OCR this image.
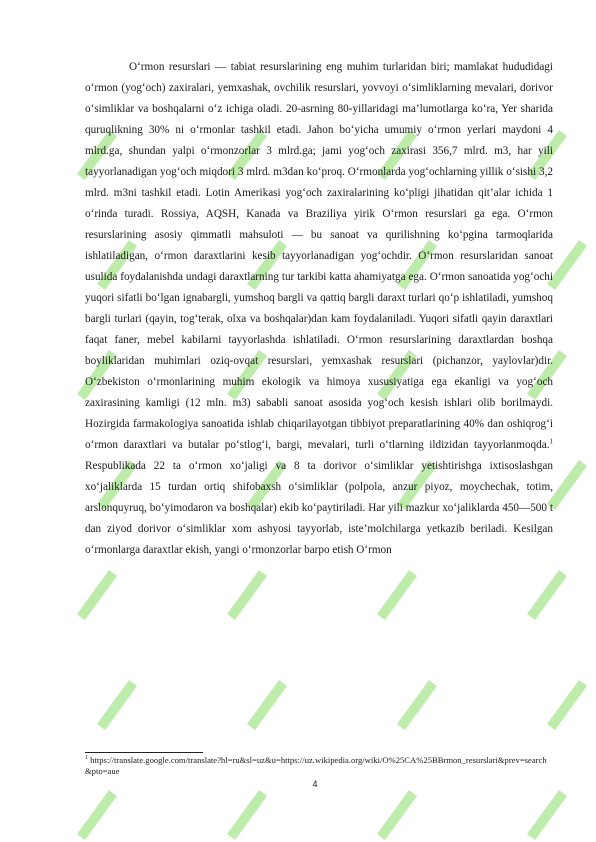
O‘rmon resurslari — tabiat resurslarining eng muhim turlaridan biri; mamlakat hududidagi o‘rmon (yog‘och) zaxiralari, yemxashak, ovchilik resurslari, yovvoyi o‘simliklarning mevalari, dorivor o‘simliklar va boshqalarni o‘z ichiga oladi. 20-asrning 80-yillaridagi ma’lumotlarga ko‘ra, Yer sharida quruqlikning 30% ni o‘rmonlar tashkil etadi. Jahon bo‘yicha umumiy o‘rmon yerlari maydoni 4 mlrd.ga, shundan yalpi o‘rmonzorlar 3 mlrd.ga; jami yog‘och zaxirasi 356,7 mlrd. m3, har yili tayyorlanadigan yog‘och miqdori 3 mlrd. m3dan ko‘proq. O‘rmonlarda yog‘ochlarning yillik o‘sishi 3,2 mlrd. m3ni tashkil etadi. Lotin Amerikasi yog‘och zaxiralarining ko‘pligi jihatidan qit’alar ichida 1 o‘rinda turadi. Rossiya, AQSH, Kanada va Braziliya yirik O‘rmon resurslari ga ega. O‘rmon resurslarining asosiy qimmatli mahsuloti — bu sanoat va qurilishning ko‘pgina tarmoqlarida ishlatiladigan, o‘rmon daraxtlarini kesib tayyorlanadigan yog‘ochdir. O‘rmon resurslaridan sanoat usulida foydalanishda undagi daraxtlarning tur tarkibi katta ahamiyatga ega. O‘rmon sanoatida yog‘ochi yuqori sifatli bo‘lgan ignabargli, yumshoq bargli va qattiq bargli daraxt turlari qo‘p ishlatiladi, yumshoq bargli turlari (qayin, tog‘terak, olxa va boshqalar)dan kam foydalaniladi. Yuqori sifatli qayin daraxtlari faqat faner, mebel kabilarni tayyorlashda ishlatiladi. O‘rmon resurslarining daraxtlardan boshqa boyliklaridan muhimlari oziq-ovqat resurslari, yemxashak resurslari (pichanzor, yaylovlar)dir. O‘zbekiston o‘rmonlarining muhim ekologik va himoya xususiyatiga ega ekanligi va yog‘och zaxirasining kamligi (12 mln. m3) sababli sanoat asosida yog‘och kesish ishlari olib borilmaydi. Hozirgida farmakologiya sanoatida ishlab chiqarilayotgan tibbiyot preparatlarining 40% dan oshiqrog‘i o‘rmon daraxtlari va butalar po‘stlog‘i, bargi, mevalari, turli o‘tlarning ildizidan tayyorlanmoqda.$^1$ Respublikada 22 ta o‘rmon xo‘jaligi va 8 ta dorivor o‘simliklar yetishtirishga ixtisoslashgan xo‘jaliklarda 15 turdan ortiq shifobaxsh o‘simliklar (polpola, anzur piyoz, moychechak, totim, arslonquyruq, bo‘yimodaron va boshqalar) ekib ko‘paytiriladi. Har yili mazkur xo‘jaliklarda 450—500 t dan ziyod dorivor o‘simliklar xom ashyosi tayyorlab, iste’molchilarga yetkazib beriladi. Kesilgan o‘rmonlarga daraxtlar ekish, yangi o‘rmonzorlar barpo etish O‘rmon

$^1$ https://translate.google.com/translate?hl=ru&sl=uz&u=https://uz.wikipedia.org/wiki/O%25CA%25BBrmon_resurslari&prev=search&pto=aue

4
